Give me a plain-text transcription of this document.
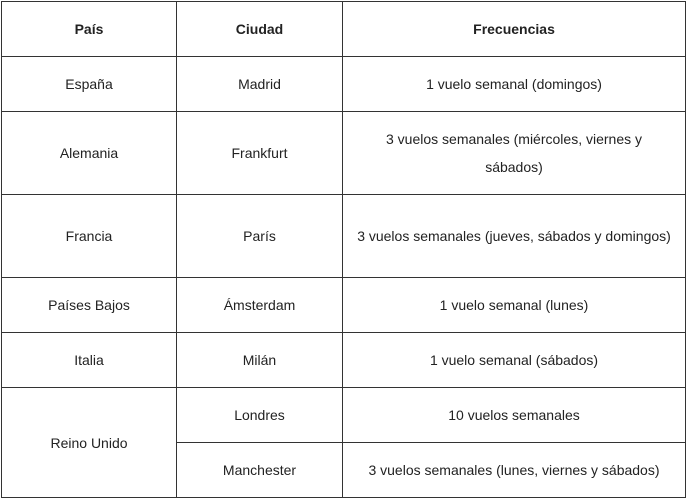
País	Ciudad	Frecuencias
España	Madrid	1 vuelo semanal (domingos)
Alemania	Frankfurt	3 vuelos semanales (miércoles, viernes y sábados)
Francia	París	3 vuelos semanales (jueves, sábados y domingos)
Países Bajos	Ámsterdam	1 vuelo semanal (lunes)
Italia	Milán	1 vuelo semanal (sábados)
Reino Unido	Londres	10 vuelos semanales
	Manchester	3 vuelos semanales (lunes, viernes y sábados)
